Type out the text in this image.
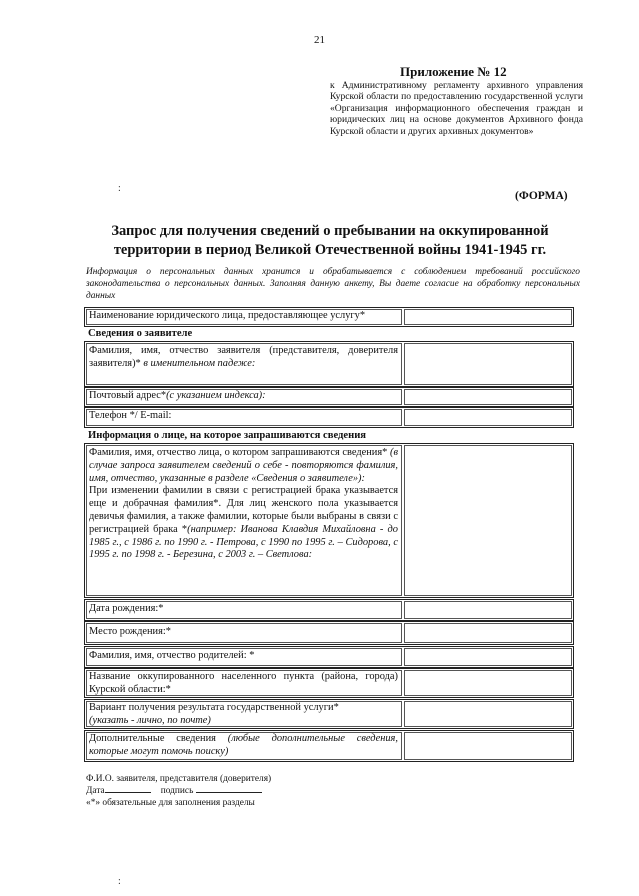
21
Приложение № 12
к Административному регламенту архивного управления Курской области по предоставлению государственной услуги «Организация информационного обеспечения граждан и юридических лиц на основе документов Архивного фонда Курской области и других архивных документов»
:
(ФОРМА)
Запрос для получения сведений о пребывании на оккупированной
территории в период Великой Отечественной войны 1941-1945 гг.
Информация о персональных данных хранится и обрабатывается с соблюдением требований российского законодательства о персональных данных. Заполняя данную анкету, Вы даете согласие на обработку персональных данных
Наименование юридического лица, предоставляющее услугу*
Сведения о заявителе
Фамилия, имя, отчество заявителя (представителя, доверителя заявителя)* в именительном падеже:
Почтовый адрес*(с указанием индекса):
Телефон */ E-mail:
Информация о лице, на которое запрашиваются сведения
Фамилия, имя, отчество лица, о котором запрашиваются сведения* (в случае запроса заявителем сведений о себе - повторяются фамилия, имя, отчество, указанные в разделе «Сведения о заявителе»):
При изменении фамилии в связи с регистрацией брака указывается еще и добрачная фамилия*. Для лиц женского пола указывается девичья фамилия, а также фамилии, которые были выбраны в связи с регистрацией брака *(например: Иванова Клавдия Михайловна - до 1985 г., с 1986 г. по 1990 г. - Петрова, с 1990 по 1995 г. – Сидорова, с 1995 г. по 1998 г. - Березина, с 2003 г. – Светлова:
Дата рождения:*
Место рождения:*
Фамилия, имя, отчество родителей: *
Название оккупированного населенного пункта (района, города) Курской области:*
Вариант получения результата государственной услуги*
(указать - лично, по почте)
Дополнительные сведения (любые дополнительные сведения, которые могут помочь поиску)
Ф.И.О. заявителя, представителя (доверителя)
Дата	подпись
«*» обязательные для заполнения разделы
:
